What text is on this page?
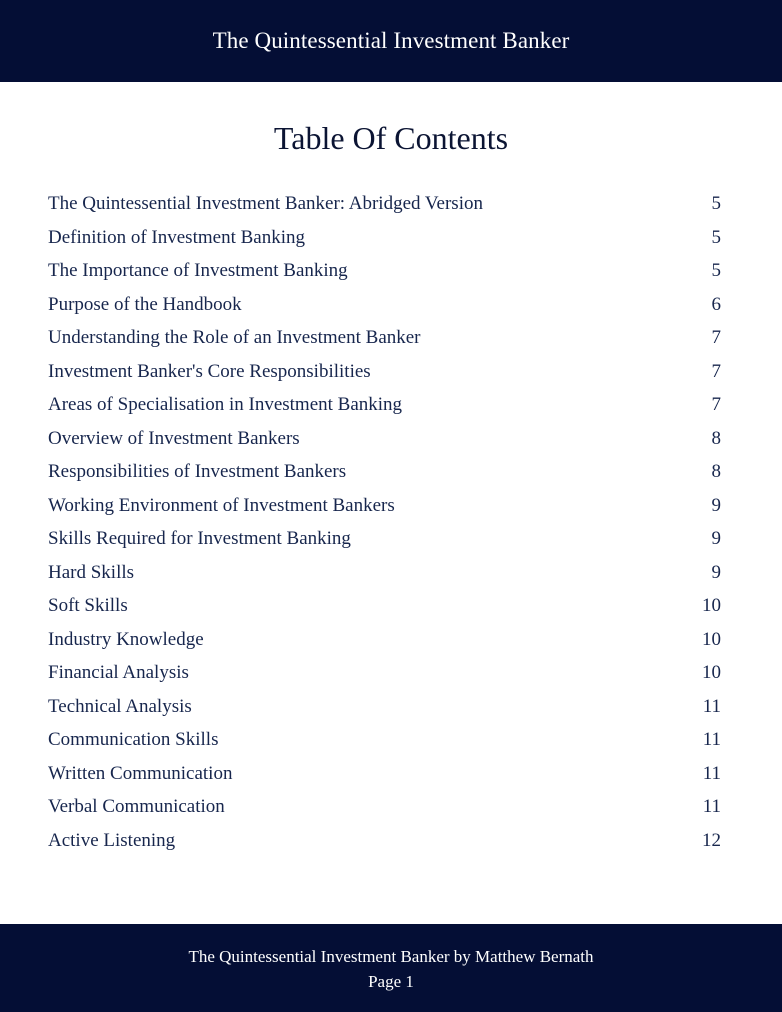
The Quintessential Investment Banker
Table Of Contents
The Quintessential Investment Banker: Abridged Version	5
Definition of Investment Banking	5
The Importance of Investment Banking	5
Purpose of the Handbook	6
Understanding the Role of an Investment Banker	7
Investment Banker's Core Responsibilities	7
Areas of Specialisation in Investment Banking	7
Overview of Investment Bankers	8
Responsibilities of Investment Bankers	8
Working Environment of Investment Bankers	9
Skills Required for Investment Banking	9
Hard Skills	9
Soft Skills	10
Industry Knowledge	10
Financial Analysis	10
Technical Analysis	11
Communication Skills	11
Written Communication	11
Verbal Communication	11
Active Listening	12
The Quintessential Investment Banker by Matthew Bernath
Page 1
